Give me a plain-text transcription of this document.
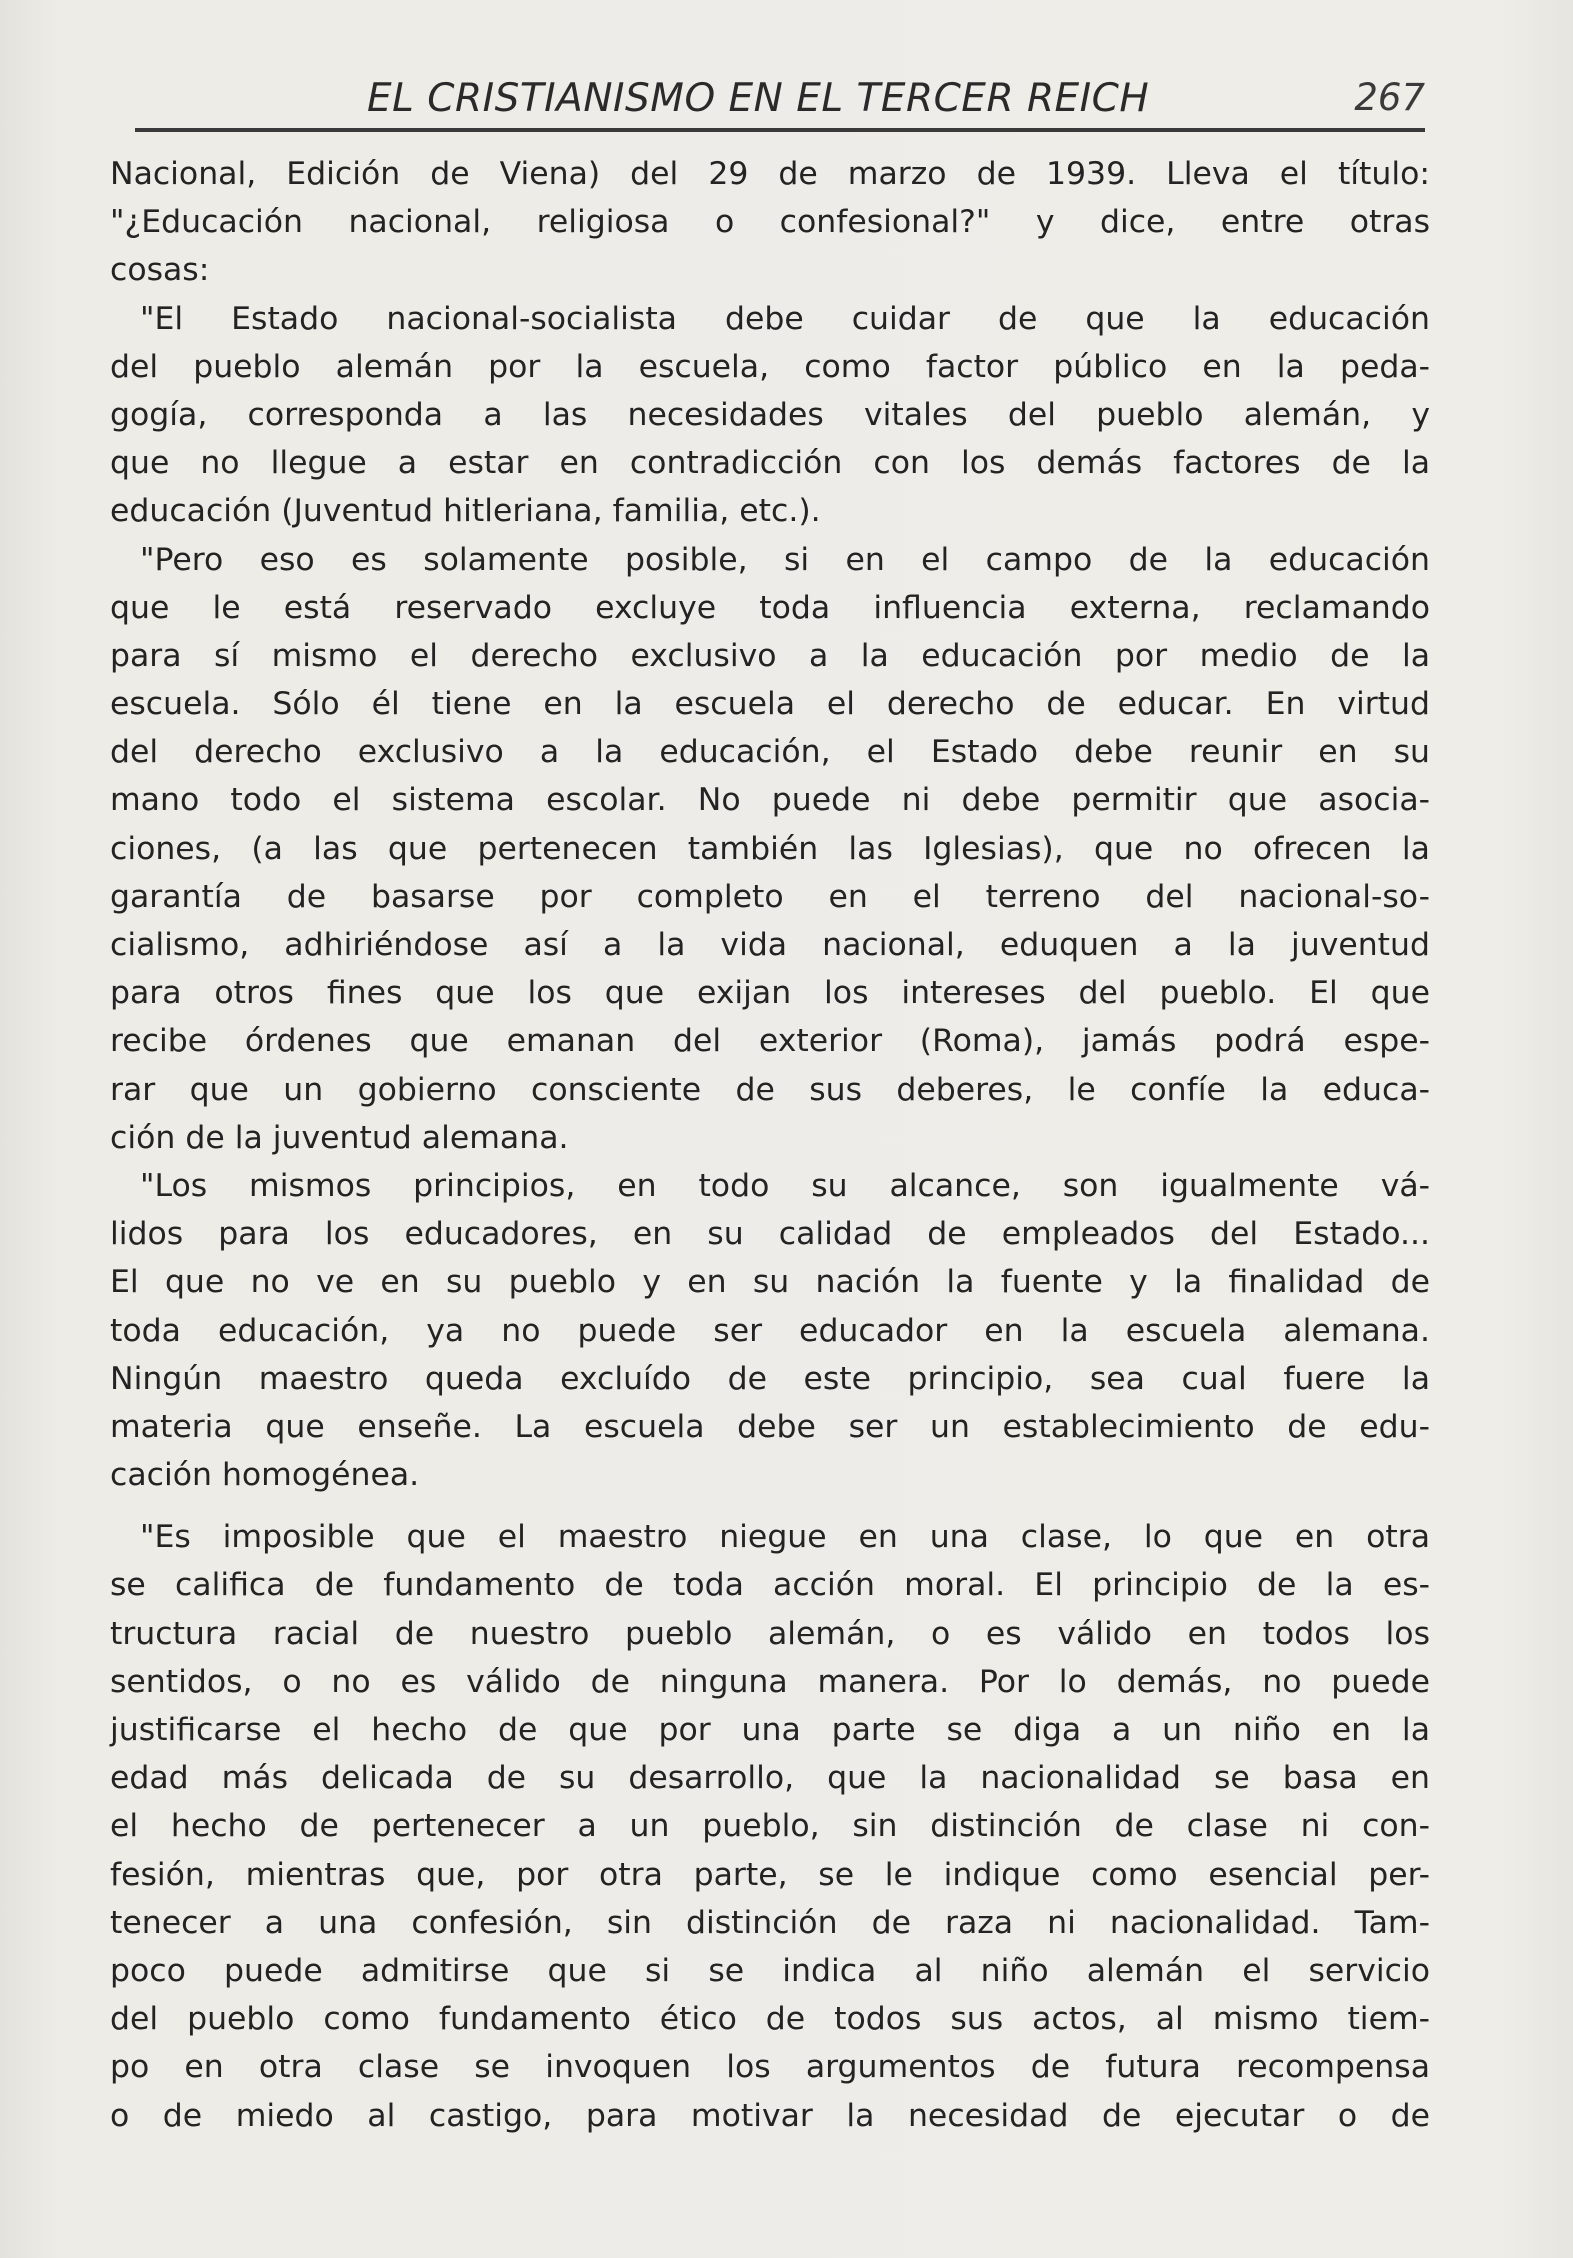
EL CRISTIANISMO EN EL TERCER REICH	267
Nacional, Edición de Viena) del 29 de marzo de 1939. Lleva el título:
"¿Educación nacional, religiosa o confesional?" y dice, entre otras
cosas:
"El Estado nacional-socialista debe cuidar de que la educación
del pueblo alemán por la escuela, como factor público en la peda-
gogía, corresponda a las necesidades vitales del pueblo alemán, y
que no llegue a estar en contradicción con los demás factores de la
educación (Juventud hitleriana, familia, etc.).
"Pero eso es solamente posible, si en el campo de la educación
que le está reservado excluye toda influencia externa, reclamando
para sí mismo el derecho exclusivo a la educación por medio de la
escuela. Sólo él tiene en la escuela el derecho de educar. En virtud
del derecho exclusivo a la educación, el Estado debe reunir en su
mano todo el sistema escolar. No puede ni debe permitir que asocia-
ciones, (a las que pertenecen también las Iglesias), que no ofrecen la
garantía de basarse por completo en el terreno del nacional-so-
cialismo, adhiriéndose así a la vida nacional, eduquen a la juventud
para otros fines que los que exijan los intereses del pueblo. El que
recibe órdenes que emanan del exterior (Roma), jamás podrá espe-
rar que un gobierno consciente de sus deberes, le confíe la educa-
ción de la juventud alemana.
"Los mismos principios, en todo su alcance, son igualmente vá-
lidos para los educadores, en su calidad de empleados del Estado...
El que no ve en su pueblo y en su nación la fuente y la finalidad de
toda educación, ya no puede ser educador en la escuela alemana.
Ningún maestro queda excluído de este principio, sea cual fuere la
materia que enseñe. La escuela debe ser un establecimiento de edu-
cación homogénea.
"Es imposible que el maestro niegue en una clase, lo que en otra
se califica de fundamento de toda acción moral. El principio de la es-
tructura racial de nuestro pueblo alemán, o es válido en todos los
sentidos, o no es válido de ninguna manera. Por lo demás, no puede
justificarse el hecho de que por una parte se diga a un niño en la
edad más delicada de su desarrollo, que la nacionalidad se basa en
el hecho de pertenecer a un pueblo, sin distinción de clase ni con-
fesión, mientras que, por otra parte, se le indique como esencial per-
tenecer a una confesión, sin distinción de raza ni nacionalidad. Tam-
poco puede admitirse que si se indica al niño alemán el servicio
del pueblo como fundamento ético de todos sus actos, al mismo tiem-
po en otra clase se invoquen los argumentos de futura recompensa
o de miedo al castigo, para motivar la necesidad de ejecutar o de
